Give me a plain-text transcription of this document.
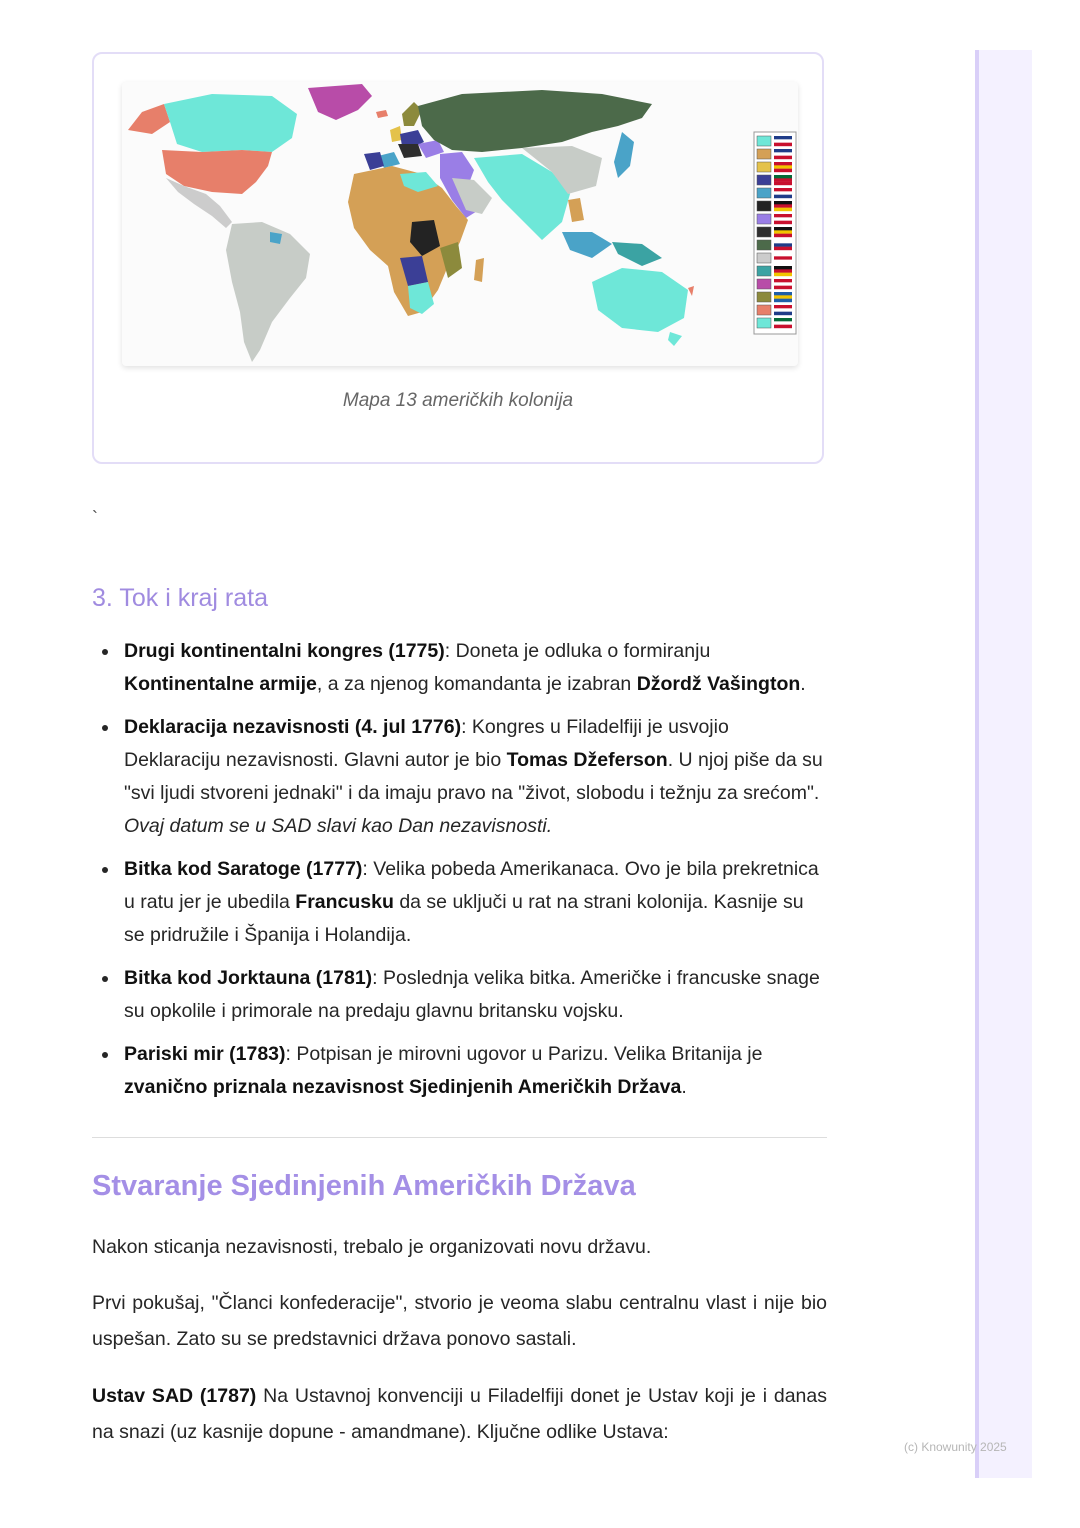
(c) Knowunity 2025
Mapa 13 američkih kolonija
`
3. Tok i kraj rata
Drugi kontinentalni kongres (1775): Doneta je odluka o formiranju Kontinentalne armije, a za njenog komandanta je izabran Džordž Vašington.
Deklaracija nezavisnosti (4. jul 1776): Kongres u Filadelfiji je usvojio Deklaraciju nezavisnosti. Glavni autor je bio Tomas Džeferson. U njoj piše da su "svi ljudi stvoreni jednaki" i da imaju pravo na "život, slobodu i težnju za srećom". Ovaj datum se u SAD slavi kao Dan nezavisnosti.
Bitka kod Saratoge (1777): Velika pobeda Amerikanaca. Ovo je bila prekretnica u ratu jer je ubedila Francusku da se uključi u rat na strani kolonija. Kasnije su se pridružile i Španija i Holandija.
Bitka kod Jorktauna (1781): Poslednja velika bitka. Američke i francuske snage su opkolile i primorale na predaju glavnu britansku vojsku.
Pariski mir (1783): Potpisan je mirovni ugovor u Parizu. Velika Britanija je zvanično priznala nezavisnost Sjedinjenih Američkih Država.
Stvaranje Sjedinjenih Američkih Država

Nakon sticanja nezavisnosti, trebalo je organizovati novu državu.

Prvi pokušaj, "Članci konfederacije", stvorio je veoma slabu centralnu vlast i nije bio uspešan. Zato su se predstavnici država ponovo sastali.

Ustav SAD (1787) Na Ustavnoj konvenciji u Filadelfiji donet je Ustav koji je i danas na snazi (uz kasnije dopune - amandmane). Ključne odlike Ustava:
